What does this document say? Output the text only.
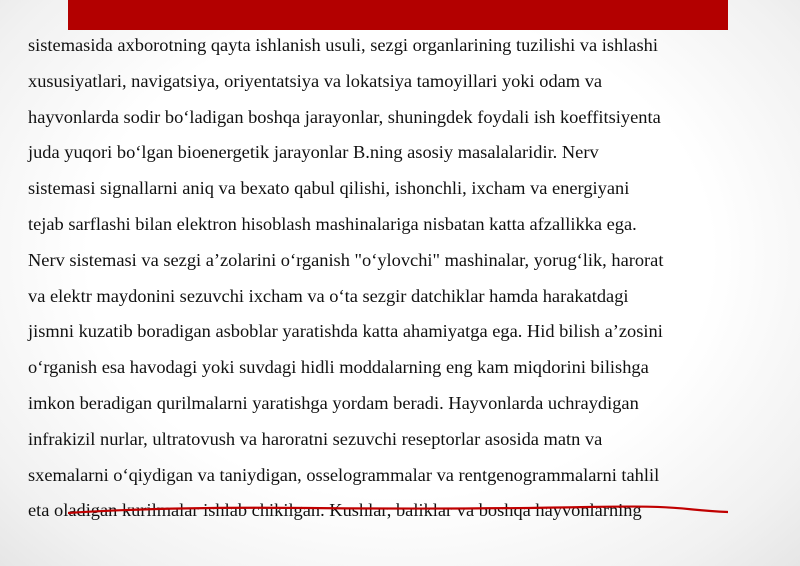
sistemasida axborotning qayta ishlanish usuli, sezgi organlarining tuzilishi va ishlashi
xususiyatlari, navigatsiya, oriyentatsiya va lokatsiya tamoyillari yoki odam va
hayvonlarda sodir bo‘ladigan boshqa jarayonlar, shuningdek foydali ish koeffitsiyenta
juda yuqori bo‘lgan bioenergetik jarayonlar B.ning asosiy masalalaridir. Nerv
sistemasi signallarni aniq va bexato qabul qilishi, ishonchli, ixcham va energiyani
tejab sarflashi bilan elektron hisoblash mashinalariga nisbatan katta afzallikka ega.
Nerv sistemasi va sezgi a’zolarini o‘rganish "o‘ylovchi" mashinalar, yorug‘lik, harorat
va elektr maydonini sezuvchi ixcham va o‘ta sezgir datchiklar hamda harakatdagi
jismni kuzatib boradigan asboblar yaratishda katta ahamiyatga ega. Hid bilish a’zosini
o‘rganish esa havodagi yoki suvdagi hidli moddalarning eng kam miqdorini bilishga
imkon beradigan qurilmalarni yaratishga yordam beradi. Hayvonlarda uchraydigan
infrakizil nurlar, ultratovush va haroratni sezuvchi reseptorlar asosida matn va
sxemalarni o‘qiydigan va taniydigan, osselogrammalar va rentgenogrammalarni tahlil
eta oladigan kurilmalar ishlab chikilgan. Kushlar, baliklar va boshqa hayvonlarning
